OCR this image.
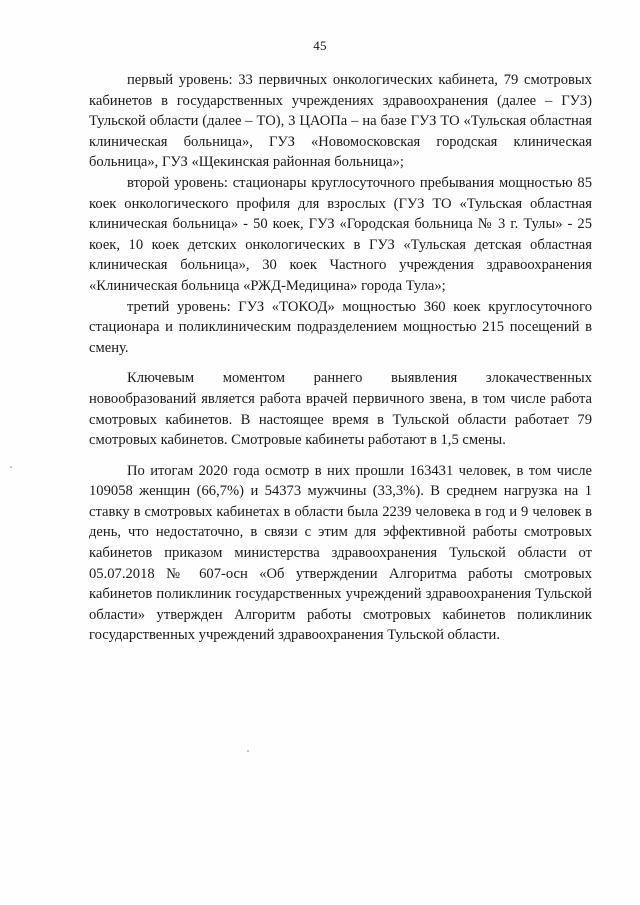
45

первый уровень: 33 первичных онкологических кабинета, 79 смотровых кабинетов в государственных учреждениях здравоохранения (далее – ГУЗ) Тульской области (далее – ТО), 3 ЦАОПа – на базе ГУЗ ТО «Тульская областная клиническая больница», ГУЗ «Новомосковская городская клиническая больница», ГУЗ «Щекинская районная больница»;

второй уровень: стационары круглосуточного пребывания мощностью 85 коек онкологического профиля для взрослых (ГУЗ ТО «Тульская областная клиническая больница» - 50 коек, ГУЗ «Городская больница № 3 г. Тулы» - 25 коек, 10 коек детских онкологических в ГУЗ «Тульская детская областная клиническая больница», 30 коек Частного учреждения здравоохранения «Клиническая больница «РЖД-Медицина» города Тула»;

третий уровень: ГУЗ «ТОКОД» мощностью 360 коек круглосуточного стационара и поликлиническим подразделением мощностью 215 посещений в смену.

Ключевым моментом раннего выявления злокачественных новообразований является работа врачей первичного звена, в том числе работа смотровых кабинетов. В настоящее время в Тульской области работает 79 смотровых кабинетов. Смотровые кабинеты работают в 1,5 смены.

По итогам 2020 года осмотр в них прошли 163431 человек, в том числе 109058 женщин (66,7%) и 54373 мужчины (33,3%). В среднем нагрузка на 1 ставку в смотровых кабинетах в области была 2239 человека в год и 9 человек в день, что недостаточно, в связи с этим для эффективной работы смотровых кабинетов приказом министерства здравоохранения Тульской области от 05.07.2018 № 607-осн «Об утверждении Алгоритма работы смотровых кабинетов поликлиник государственных учреждений здравоохранения Тульской области» утвержден Алгоритм работы смотровых кабинетов поликлиник государственных учреждений здравоохранения Тульской области.
